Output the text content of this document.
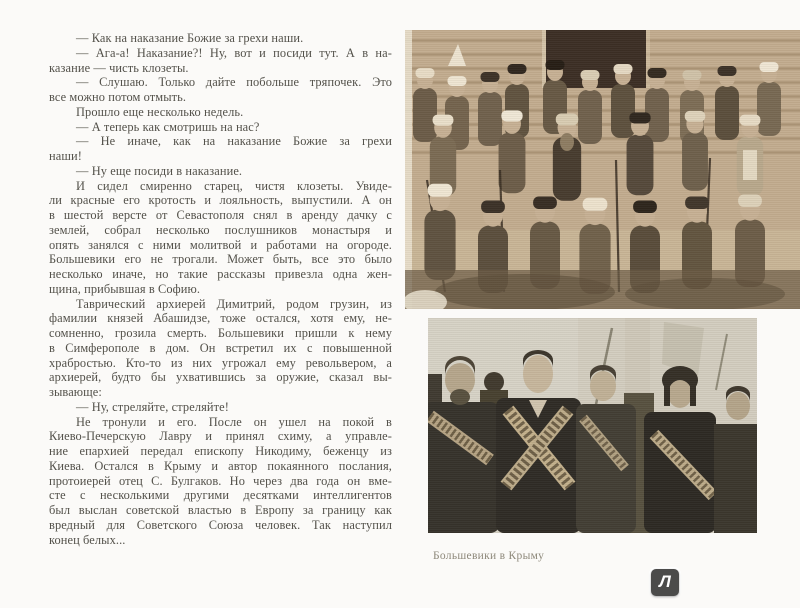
— Как на наказание Божие за грехи наши.
— Ага-а! Наказание?! Ну, вот и посиди тут. А в на-
казание — чисть клозеты.
— Слушаю. Только дайте побольше тряпочек. Это
все можно потом отмыть.
Прошло еще несколько недель.
— А теперь как смотришь на нас?
— Не иначе, как на наказание Божие за грехи
наши!
— Ну еще посиди в наказание.
И сидел смиренно старец, чистя клозеты. Увиде-
ли красные его кротость и лояльность, выпустили. А он
в шестой версте от Севастополя снял в аренду дачку с
землей, собрал несколько послушников монастыря и
опять занялся с ними молитвой и работами на огороде.
Большевики его не трогали. Может быть, все это было
несколько иначе, но такие рассказы привезла одна жен-
щина, прибывшая в Софию.
Таврический архиерей Димитрий, родом грузин, из
фамилии князей Абашидзе, тоже остался, хотя ему, не-
сомненно, грозила смерть. Большевики пришли к нему
в Симферополе в дом. Он встретил их с повышенной
храбростью. Кто-то из них угрожал ему револьвером, а
архиерей, будто бы ухватившись за оружие, сказал вы-
зывающе:
— Ну, стреляйте, стреляйте!
Не тронули и его. После он ушел на покой в
Киево-Печерскую Лавру и принял схиму, а управле-
ние епархией передал епископу Никодиму, беженцу из
Киева. Остался в Крыму и автор покаянного послания,
протоиерей отец С. Булгаков. Но через два года он вме-
сте с несколькими другими десятками интеллигентов
был выслан советской властью в Европу за границу как
вредный для Советского Союза человек. Так наступил
конец белых...
Большевики в Крыму
Л
